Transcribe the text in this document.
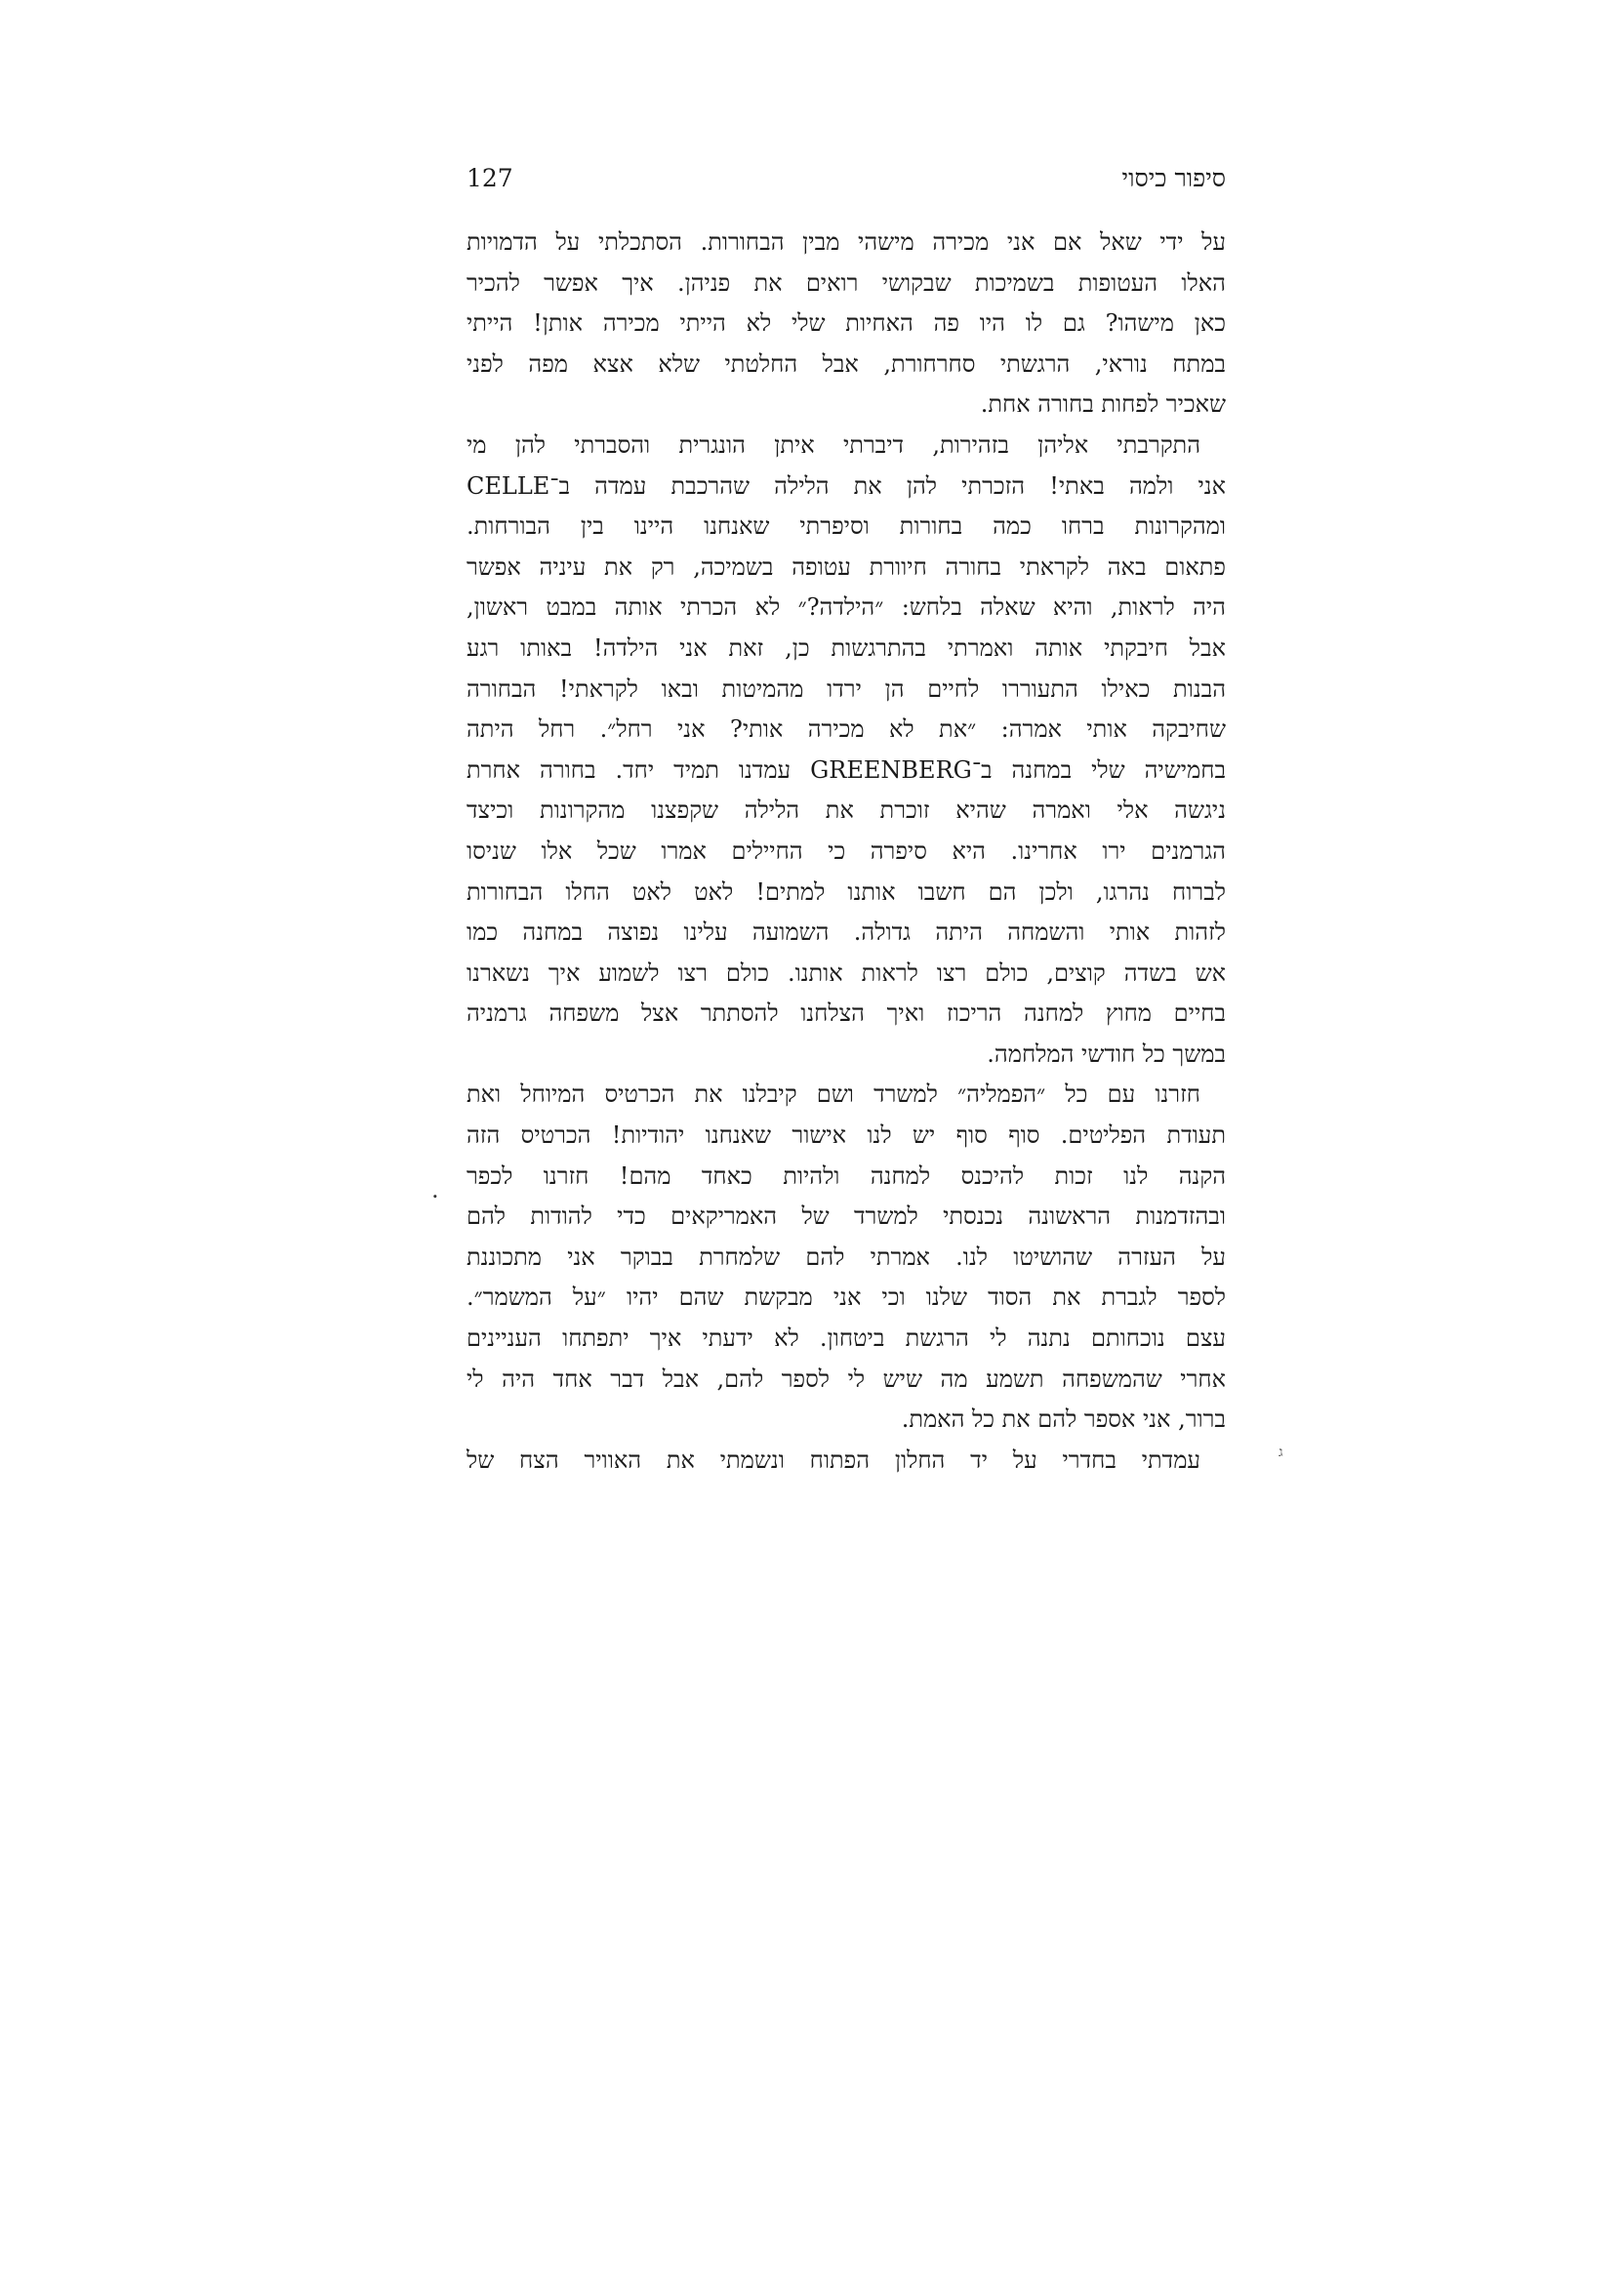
127	סיפור כיסוי
על ידי שאל אם אני מכירה מישהי מבין הבחורות. הסתכלתי על הדמויות
האלו העטופות בשמיכות שבקושי רואים את פניהן. איך אפשר להכיר
כאן מישהו? גם לו היו פה האחיות שלי לא הייתי מכירה אותן! הייתי
במתח נוראי, הרגשתי סחרחורת, אבל החלטתי שלא אצא מפה לפני
שאכיר לפחות בחורה אחת.
התקרבתי אליהן בזהירות, דיברתי איתן הונגרית והסברתי להן מי
אני ולמה באתי! הזכרתי להן את הלילה שהרכבת עמדה ב־CELLE
ומהקרונות ברחו כמה בחורות וסיפרתי שאנחנו היינו בין הבורחות.
פתאום באה לקראתי בחורה חיוורת עטופה בשמיכה, רק את עיניה אפשר
היה לראות, והיא שאלה בלחש: ״הילדה?״ לא הכרתי אותה במבט ראשון,
אבל חיבקתי אותה ואמרתי בהתרגשות כן, זאת אני הילדה! באותו רגע
הבנות כאילו התעוררו לחיים הן ירדו מהמיטות ובאו לקראתי! הבחורה
שחיבקה אותי אמרה: ״את לא מכירה אותי? אני רחל״. רחל היתה
בחמישיה שלי במחנה ב־GREENBERG עמדנו תמיד יחד. בחורה אחרת
ניגשה אלי ואמרה שהיא זוכרת את הלילה שקפצנו מהקרונות וכיצד
הגרמנים ירו אחרינו. היא סיפרה כי החיילים אמרו שכל אלו שניסו
לברוח נהרגו, ולכן הם חשבו אותנו למתים! לאט לאט החלו הבחורות
לזהות אותי והשמחה היתה גדולה. השמועה עלינו נפוצה במחנה כמו
אש בשדה קוצים, כולם רצו לראות אותנו. כולם רצו לשמוע איך נשארנו
בחיים מחוץ למחנה הריכוז ואיך הצלחנו להסתתר אצל משפחה גרמניה
במשך כל חודשי המלחמה.
חזרנו עם כל ״הפמליה״ למשרד ושם קיבלנו את הכרטיס המיוחל ואת
תעודת הפליטים. סוף סוף יש לנו אישור שאנחנו יהודיות! הכרטיס הזה
הקנה לנו זכות להיכנס למחנה ולהיות כאחד מהם! חזרנו לכפר
ובהזדמנות הראשונה נכנסתי למשרד של האמריקאים כדי להודות להם
על העזרה שהושיטו לנו. אמרתי להם שלמחרת בבוקר אני מתכוננת
לספר לגברת את הסוד שלנו וכי אני מבקשת שהם יהיו ״על המשמר״.
עצם נוכחותם נתנה לי הרגשת ביטחון. לא ידעתי איך יתפתחו העניינים
אחרי שהמשפחה תשמע מה שיש לי לספר להם, אבל דבר אחד היה לי
ברור, אני אספר להם את כל האמת.
עמדתי בחדרי על יד החלון הפתוח ונשמתי את האוויר הצח של
.
ג
